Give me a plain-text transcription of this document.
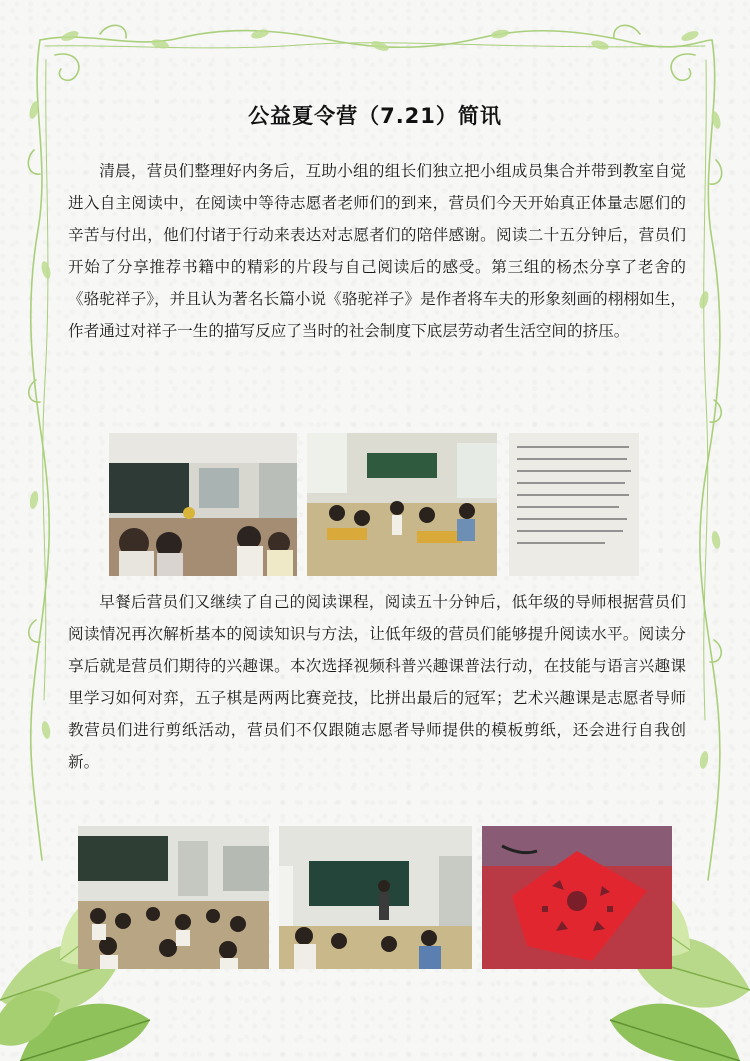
公益夏令营（7.21）简讯

清晨，营员们整理好内务后，互助小组的组长们独立把小组成员集合并带到教室自觉进入自主阅读中，在阅读中等待志愿者老师们的到来，营员们今天开始真正体量志愿们的辛苦与付出，他们付诸于行动来表达对志愿者们的陪伴感谢。阅读二十五分钟后，营员们开始了分享推荐书籍中的精彩的片段与自己阅读后的感受。第三组的杨杰分享了老舍的《骆驼祥子》，并且认为著名长篇小说《骆驼祥子》是作者将车夫的形象刻画的栩栩如生，作者通过对祥子一生的描写反应了当时的社会制度下底层劳动者生活空间的挤压。

早餐后营员们又继续了自己的阅读课程，阅读五十分钟后，低年级的导师根据营员们阅读情况再次解析基本的阅读知识与方法，让低年级的营员们能够提升阅读水平。阅读分享后就是营员们期待的兴趣课。本次选择视频科普兴趣课普法行动，在技能与语言兴趣课里学习如何对弈，五子棋是两两比赛竞技，比拼出最后的冠军；艺术兴趣课是志愿者导师教营员们进行剪纸活动，营员们不仅跟随志愿者导师提供的模板剪纸，还会进行自我创新。
